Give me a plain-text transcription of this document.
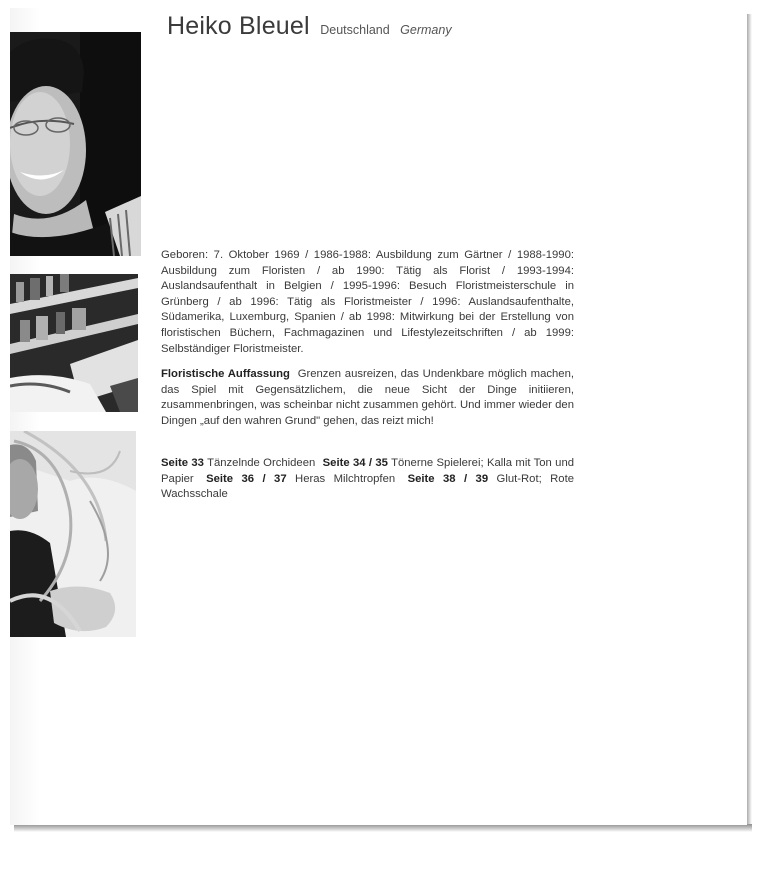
Heiko Bleuel Deutschland Germany
Geboren: 7. Oktober 1969 / 1986-1988: Ausbildung zum Gärtner / 1988-1990: Ausbildung zum Floristen / ab 1990: Tätig als Florist / 1993-1994: Auslandsaufenthalt in Belgien / 1995-1996: Besuch Floristmeisterschule in Grünberg / ab 1996: Tätig als Floristmeister / 1996: Auslandsaufenthalte, Südamerika, Luxemburg, Spanien / ab 1998: Mitwirkung bei der Erstellung von floristischen Büchern, Fachmagazinen und Lifestylezeitschriften / ab 1999: Selbständiger Floristmeister.
Floristische Auffassung Grenzen ausreizen, das Undenkbare möglich machen, das Spiel mit Gegensätzlichem, die neue Sicht der Dinge initiieren, zusammenbringen, was scheinbar nicht zusammen gehört. Und immer wieder den Dingen „auf den wahren Grund" gehen, das reizt mich!
Seite 33 Tänzelnde Orchideen Seite 34 / 35 Tönerne Spielerei; Kalla mit Ton und Papier Seite 36 / 37 Heras Milchtropfen Seite 38 / 39 Glut-Rot; Rote Wachsschale
